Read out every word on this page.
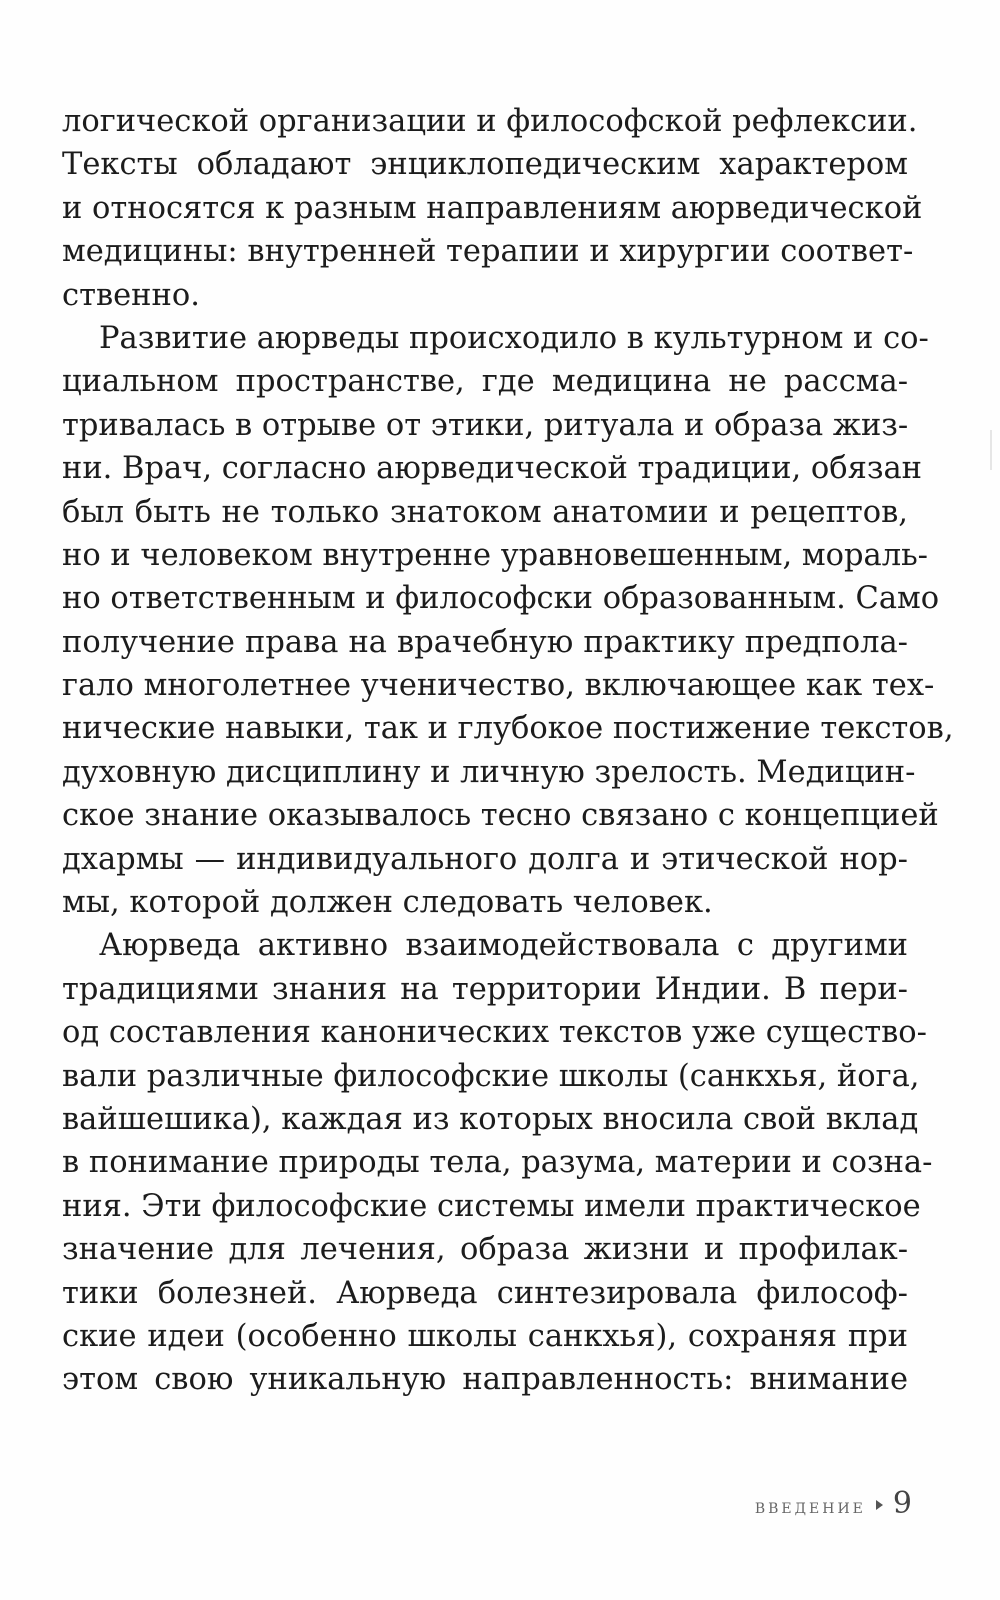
логической организации и философской рефлексии.
Тексты обладают энциклопедическим характером
и относятся к разным направлениям аюрведической
медицины: внутренней терапии и хирургии соответ-
ственно.

Развитие аюрведы происходило в культурном и со-
циальном пространстве, где медицина не рассма-
тривалась в отрыве от этики, ритуала и образа жиз-
ни. Врач, согласно аюрведической традиции, обязан
был быть не только знатоком анатомии и рецептов,
но и человеком внутренне уравновешенным, мораль-
но ответственным и философски образованным. Само
получение права на врачебную практику предпола-
гало многолетнее ученичество, включающее как тех-
нические навыки, так и глубокое постижение текстов,
духовную дисциплину и личную зрелость. Медицин-
ское знание оказывалось тесно связано с концепцией
дхармы — индивидуального долга и этической нор-
мы, которой должен следовать человек.

Аюрведа активно взаимодействовала с другими
традициями знания на территории Индии. В пери-
од составления канонических текстов уже существо-
вали различные философские школы (санкхья, йога,
вайшешика), каждая из которых вносила свой вклад
в понимание природы тела, разума, материи и созна-
ния. Эти философские системы имели практическое
значение для лечения, образа жизни и профилак-
тики болезней. Аюрведа синтезировала философ-
ские идеи (особенно школы санкхья), сохраняя при
этом свою уникальную направленность: внимание

введение 9
